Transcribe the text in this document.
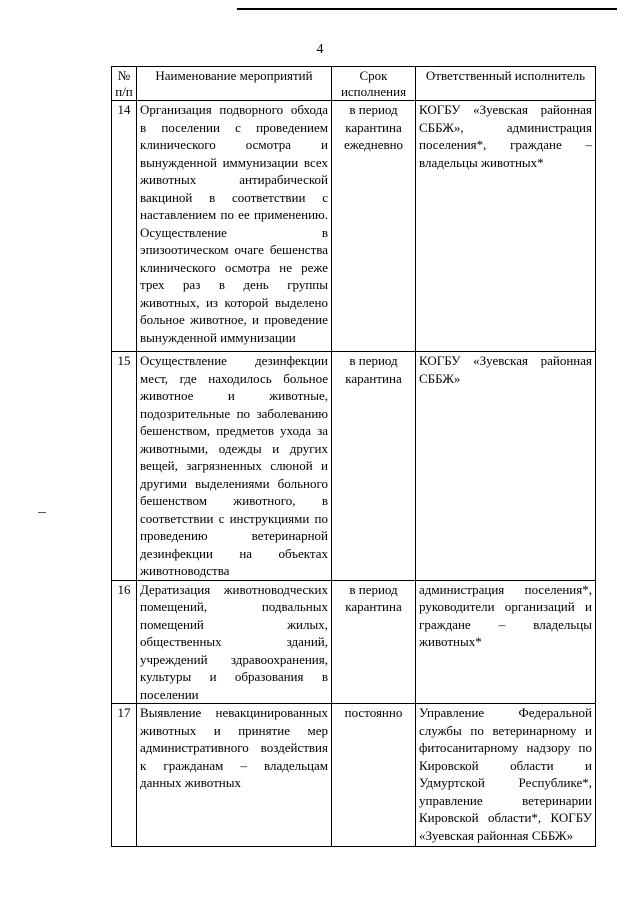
4
№ п/п	Наименование мероприятий	Срок исполнения	Ответственный исполнитель
14	Организация подворного обхода в поселении с проведением клинического осмотра и вынужденной иммунизации всех животных антирабической вакциной в соответствии с наставлением по ее применению. Осуществление в эпизоотическом очаге бешенства клинического осмотра не реже трех раз в день группы животных, из которой выделено больное животное, и проведение вынужденной иммунизации	в период карантина ежедневно	КОГБУ «Зуевская районная СББЖ», администрация поселения*, граждане – владельцы животных*
15	Осуществление дезинфекции мест, где находилось больное животное и животные, подозрительные по заболеванию бешенством, предметов ухода за животными, одежды и других вещей, загрязненных слюной и другими выделениями больного бешенством животного, в соответствии с инструкциями по проведению ветеринарной дезинфекции на объектах животноводства	в период карантина	КОГБУ «Зуевская районная СББЖ»
16	Дератизация животноводческих помещений, подвальных помещений жилых, общественных зданий, учреждений здравоохранения, культуры и образования в поселении	в период карантина	администрация поселения*, руководители организаций и граждане – владельцы животных*
17	Выявление невакцинированных животных и принятие мер административного воздействия к гражданам – владельцам данных животных	постоянно	Управление Федеральной службы по ветеринарному и фитосанитарному надзору по Кировской области и Удмуртской Республике*, управление ветеринарии Кировской области*, КОГБУ «Зуевская районная СББЖ»
